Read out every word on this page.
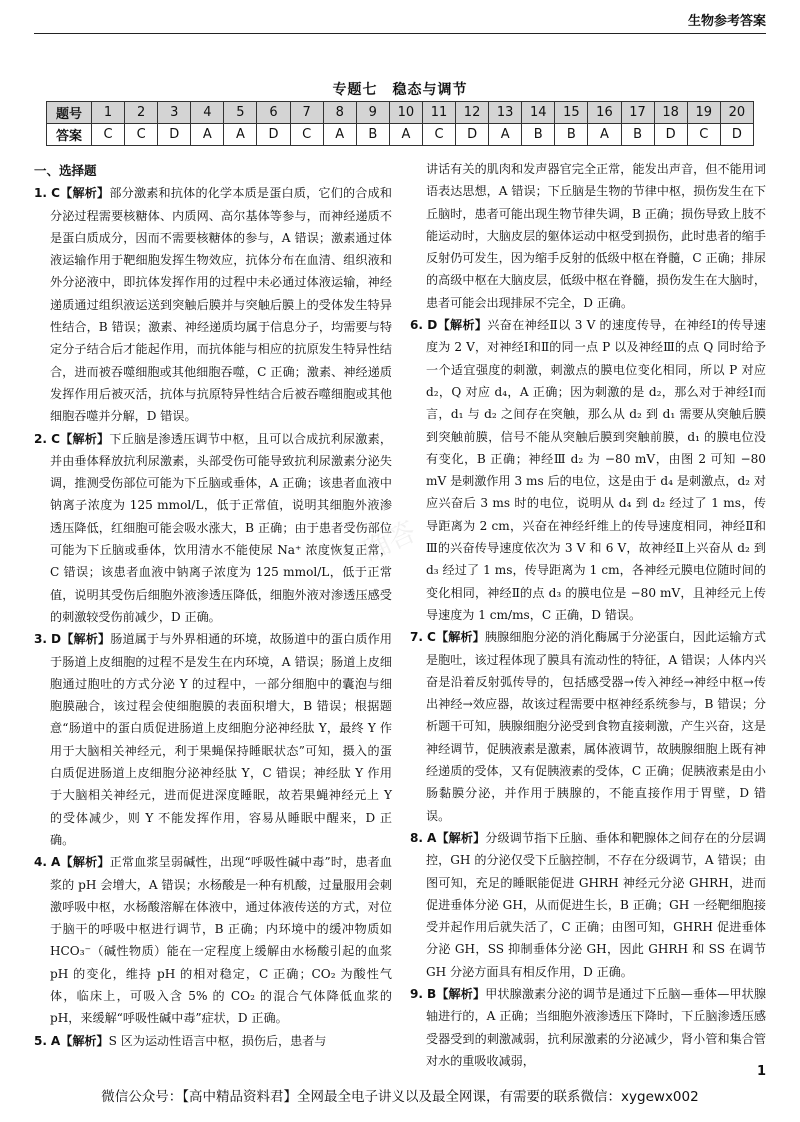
生物参考答案
专题七　稳态与调节
题号	1	2	3	4	5	6	7	8	9	10	11	12	13	14	15	16	17	18	19	20
答案	C	C	D	A	A	D	C	A	B	A	C	D	A	B	B	A	B	D	C	D
确答
一、选择题

1. C【解析】部分激素和抗体的化学本质是蛋白质，它们的合成和分泌过程需要核糖体、内质网、高尔基体等参与，而神经递质不是蛋白质成分，因而不需要核糖体的参与，A 错误；激素通过体液运输作用于靶细胞发挥生物效应，抗体分布在血清、组织液和外分泌液中，即抗体发挥作用的过程中未必通过体液运输，神经递质通过组织液运送到突触后膜并与突触后膜上的受体发生特异性结合，B 错误；激素、神经递质均属于信息分子，均需要与特定分子结合后才能起作用，而抗体能与相应的抗原发生特异性结合，进而被吞噬细胞或其他细胞吞噬，C 正确；激素、神经递质发挥作用后被灭活，抗体与抗原特异性结合后被吞噬细胞或其他细胞吞噬并分解，D 错误。

2. C【解析】下丘脑是渗透压调节中枢，且可以合成抗利尿激素，并由垂体释放抗利尿激素，头部受伤可能导致抗利尿激素分泌失调，推测受伤部位可能为下丘脑或垂体，A 正确；该患者血液中钠离子浓度为 125 mmol/L，低于正常值，说明其细胞外液渗透压降低，红细胞可能会吸水涨大，B 正确；由于患者受伤部位可能为下丘脑或垂体，饮用清水不能使尿 Na⁺ 浓度恢复正常，C 错误；该患者血液中钠离子浓度为 125 mmol/L，低于正常值，说明其受伤后细胞外液渗透压降低，细胞外液对渗透压感受的刺激较受伤前减少，D 正确。

3. D【解析】肠道属于与外界相通的环境，故肠道中的蛋白质作用于肠道上皮细胞的过程不是发生在内环境，A 错误；肠道上皮细胞通过胞吐的方式分泌 Y 的过程中，一部分细胞中的囊泡与细胞膜融合，该过程会使细胞膜的表面积增大，B 错误；根据题意“肠道中的蛋白质促进肠道上皮细胞分泌神经肽 Y，最终 Y 作用于大脑相关神经元，利于果蝇保持睡眠状态”可知，摄入的蛋白质促进肠道上皮细胞分泌神经肽 Y，C 错误；神经肽 Y 作用于大脑相关神经元，进而促进深度睡眠，故若果蝇神经元上 Y 的受体减少，则 Y 不能发挥作用，容易从睡眠中醒来，D 正确。

4. A【解析】正常血浆呈弱碱性，出现“呼吸性碱中毒”时，患者血浆的 pH 会增大，A 错误；水杨酸是一种有机酸，过量服用会刺激呼吸中枢，水杨酸溶解在体液中，通过体液传送的方式，对位于脑干的呼吸中枢进行调节，B 正确；内环境中的缓冲物质如 HCO₃⁻（碱性物质）能在一定程度上缓解由水杨酸引起的血浆 pH 的变化，维持 pH 的相对稳定，C 正确；CO₂ 为酸性气体，临床上，可吸入含 5% 的 CO₂ 的混合气体降低血浆的 pH，来缓解“呼吸性碱中毒”症状，D 正确。

5. A【解析】S 区为运动性语言中枢，损伤后，患者与

讲话有关的肌肉和发声器官完全正常，能发出声音，但不能用词语表达思想，A 错误；下丘脑是生物的节律中枢，损伤发生在下丘脑时，患者可能出现生物节律失调，B 正确；损伤导致上肢不能运动时，大脑皮层的躯体运动中枢受到损伤，此时患者的缩手反射仍可发生，因为缩手反射的低级中枢在脊髓，C 正确；排尿的高级中枢在大脑皮层，低级中枢在脊髓，损伤发生在大脑时，患者可能会出现排尿不完全，D 正确。

6. D【解析】兴奋在神经Ⅱ以 3 V 的速度传导，在神经Ⅰ的传导速度为 2 V，对神经Ⅰ和Ⅱ的同一点 P 以及神经Ⅲ的点 Q 同时给予一个适宜强度的刺激，刺激点的膜电位变化相同，所以 P 对应 d₂，Q 对应 d₄，A 正确；因为刺激的是 d₂，那么对于神经Ⅰ而言，d₁ 与 d₂ 之间存在突触，那么从 d₂ 到 d₁ 需要从突触后膜到突触前膜，信号不能从突触后膜到突触前膜，d₁ 的膜电位没有变化，B 正确；神经Ⅲ d₂ 为 −80 mV，由图 2 可知 −80 mV 是刺激作用 3 ms 后的电位，这是由于 d₄ 是刺激点，d₂ 对应兴奋后 3 ms 时的电位，说明从 d₄ 到 d₂ 经过了 1 ms，传导距离为 2 cm，兴奋在神经纤维上的传导速度相同，神经Ⅱ和Ⅲ的兴奋传导速度依次为 3 V 和 6 V，故神经Ⅱ上兴奋从 d₂ 到 d₃ 经过了 1 ms，传导距离为 1 cm，各神经元膜电位随时间的变化相同，神经Ⅱ的点 d₃ 的膜电位是 −80 mV，且神经元上传导速度为 1 cm/ms，C 正确，D 错误。

7. C【解析】胰腺细胞分泌的消化酶属于分泌蛋白，因此运输方式是胞吐，该过程体现了膜具有流动性的特征，A 错误；人体内兴奋是沿着反射弧传导的，包括感受器→传入神经→神经中枢→传出神经→效应器，故该过程需要中枢神经系统参与，B 错误；分析题干可知，胰腺细胞分泌受到食物直接刺激，产生兴奋，这是神经调节，促胰液素是激素，属体液调节，故胰腺细胞上既有神经递质的受体，又有促胰液素的受体，C 正确；促胰液素是由小肠黏膜分泌，并作用于胰腺的，不能直接作用于胃壁，D 错误。

8. A【解析】分级调节指下丘脑、垂体和靶腺体之间存在的分层调控，GH 的分泌仅受下丘脑控制，不存在分级调节，A 错误；由图可知，充足的睡眠能促进 GHRH 神经元分泌 GHRH，进而促进垂体分泌 GH，从而促进生长，B 正确；GH 一经靶细胞接受并起作用后就失活了，C 正确；由图可知，GHRH 促进垂体分泌 GH，SS 抑制垂体分泌 GH，因此 GHRH 和 SS 在调节 GH 分泌方面具有相反作用，D 正确。

9. B【解析】甲状腺激素分泌的调节是通过下丘脑—垂体—甲状腺轴进行的，A 正确；当细胞外液渗透压下降时，下丘脑渗透压感受器受到的刺激减弱，抗利尿激素的分泌减少，肾小管和集合管对水的重吸收减弱，

1
微信公众号：【高中精品资料君】全网最全电子讲义以及最全网课，有需要的联系微信：xygewx002
